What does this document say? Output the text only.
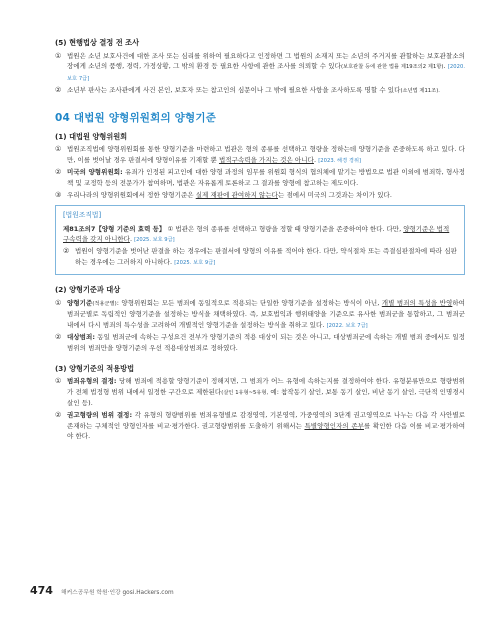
(5) 현행법상 결정 전 조사
① 법원은 소년 보호사건에 대한 조사 또는 심리를 위하여 필요하다고 인정하면 그 법원의 소재지 또는 소년의 주거지를 관할하는 보호관찰소의 장에게 소년의 품행, 경력, 가정상황, 그 밖의 환경 등 필요한 사항에 관한 조사를 의뢰할 수 있다(보호관찰 등에 관한 법률 제19조의2 제1항). [2020. 보호 7급]
② 소년부 판사는 조사관에게 사건 본인, 보호자 또는 참고인의 심문이나 그 밖에 필요한 사항을 조사하도록 명할 수 있다(소년법 제11조).
04 대법원 양형위원회의 양형기준
(1) 대법원 양형위원회
① 법원조직법에 양형위원회를 통한 양형기준을 마련하고 법관은 형의 종류를 선택하고 형량을 정하는데 양형기준을 존중하도록 하고 있다. 다만, 이를 벗어날 경우 판결서에 양형이유를 기재할 뿐 법적구속력을 가지는 것은 아니다. [2023. 해경 경위]
② 미국의 양형위원회: 유죄가 인정된 피고인에 대한 양형 과정의 임무를 위원회 형식의 협의체에 맡기는 방법으로 법관 이외에 범죄학, 형사정책 및 교정학 등의 전문가가 참여하며, 법관은 자유롭게 토론하고 그 결과를 양형에 참고하는 제도이다.
③ 우리나라의 양형위원회에서 정한 양형기준은 실제 재판에 관여하지 않는다는 점에서 미국의 그것과는 차이가 있다.
[법원조직법]
제81조의7【양형 기준의 효력 등】 ① 법관은 형의 종류를 선택하고 형량을 정할 때 양형기준을 존중하여야 한다. 다만, 양형기준은 법적 구속력을 갖지 아니한다. [2025. 보호 9급]
② 법원이 양형기준을 벗어난 판결을 하는 경우에는 판결서에 양형의 이유를 적어야 한다. 다만, 약식절차 또는 즉결심판절차에 따라 심판하는 경우에는 그러하지 아니하다. [2025. 보호 9급]
(2) 양형기준과 대상
① 양형기준(적용군별): 양형위원회는 모든 범죄에 동일적으로 적용되는 단일한 양형기준을 설정하는 방식이 아닌, 개별 범죄의 특성을 반영하여 범죄군별로 독립적인 양형기준을 설정하는 방식을 채택하였다. 즉, 보호법익과 행위태양을 기준으로 유사한 범죄군을 통합하고, 그 범죄군 내에서 다시 범죄의 특수성을 고려하여 개별적인 양형기준을 설정하는 방식을 취하고 있다. [2022. 보호 7급]
② 대상범죄: 동일 범죄군에 속하는 구성요건 전부가 양형기준의 적용 대상이 되는 것은 아니고, 대상범죄군에 속하는 개별 범죄 중에서도 일정범위의 범죄만을 양형기준의 우선 적용대상범죄로 정하였다.
(3) 양형기준의 적용방법
① 범죄유형의 결정: 당해 범죄에 적용할 양형기준이 정해지면, 그 범죄가 어느 유형에 속하는지를 결정하여야 한다. 유형분류만으로 형량범위가 전체 법정형 범위 내에서 일정한 구간으로 제한된다(살인 1유형~5유형, 예: 참작동기 살인, 보통 동기 살인, 비난 동기 살인, 극단적 인명경시 살인 등).
② 권고형량의 범위 결정: 각 유형의 형량범위를 범죄유형별로 감경영역, 기본영역, 가중영역의 3단계 권고영역으로 나누는 다음 각 사안별로 존재하는 구체적인 양형인자를 비교·평가한다. 권고형량범위를 도출하기 위해서는 특별양형인자의 존부를 확인한 다음 이를 비교·평가하여야 한다.
474 해커스공무원 학원·인강 gosi.Hackers.com
